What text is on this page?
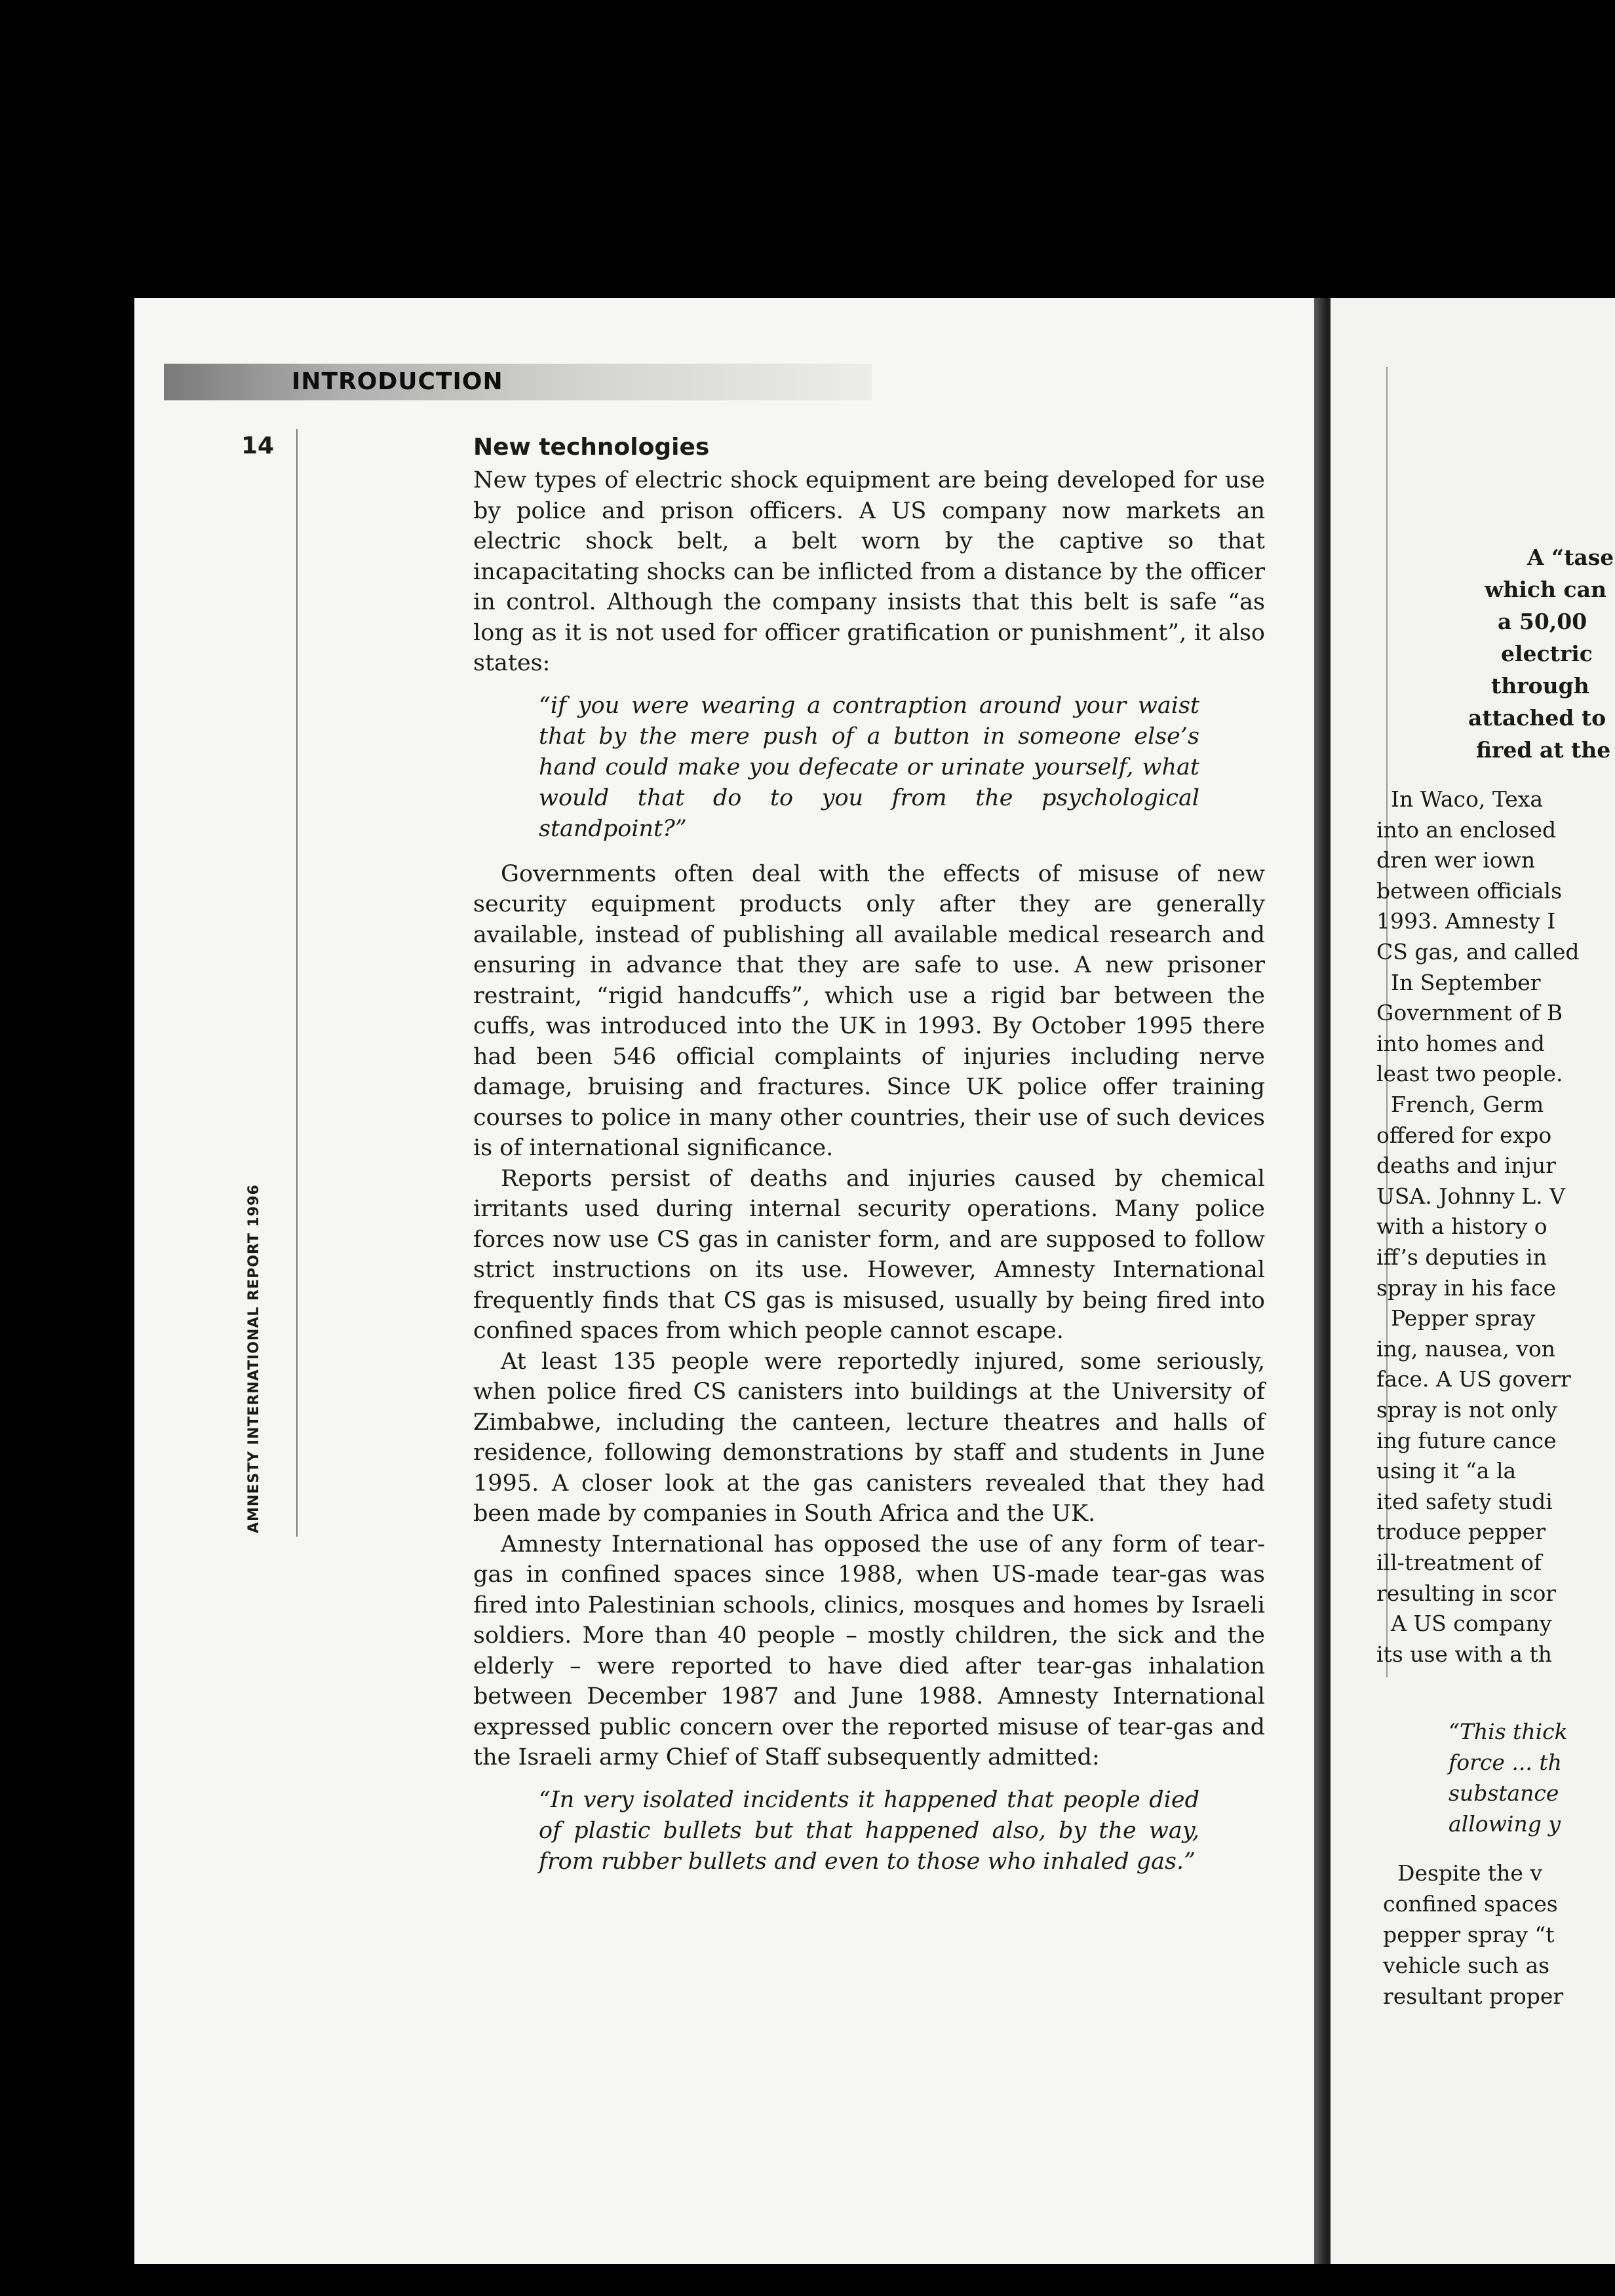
INTRODUCTION
14
AMNESTY INTERNATIONAL REPORT 1996
New technologies

New types of electric shock equipment are being developed for use by police and prison officers. A US company now markets an electric shock belt, a belt worn by the captive so that incapacitating shocks can be inflicted from a distance by the officer in control. Although the company insists that this belt is safe “as long as it is not used for officer gratification or punishment”, it also states:

“if you were wearing a contraption around your waist that by the mere push of a button in someone else’s hand could make you defecate or urinate yourself, what would that do to you from the psychological standpoint?”

Governments often deal with the effects of misuse of new security equipment products only after they are generally available, instead of publishing all available medical research and ensuring in advance that they are safe to use. A new prisoner restraint, “rigid handcuffs”, which use a rigid bar between the cuffs, was introduced into the UK in 1993. By October 1995 there had been 546 official complaints of injuries including nerve damage, bruising and fractures. Since UK police offer training courses to police in many other countries, their use of such devices is of international significance.

Reports persist of deaths and injuries caused by chemical irritants used during internal security operations. Many police forces now use CS gas in canister form, and are supposed to follow strict instructions on its use. However, Amnesty International frequently finds that CS gas is misused, usually by being fired into confined spaces from which people cannot escape.

At least 135 people were reportedly injured, some seriously, when police fired CS canisters into buildings at the University of Zimbabwe, including the canteen, lecture theatres and halls of residence, following demonstrations by staff and students in June 1995. A closer look at the gas canisters revealed that they had been made by companies in South Africa and the UK.

Amnesty International has opposed the use of any form of tear-gas in confined spaces since 1988, when US-made tear-gas was fired into Palestinian schools, clinics, mosques and homes by Israeli soldiers. More than 40 people – mostly children, the sick and the elderly – were reported to have died after tear-gas inhalation between December 1987 and June 1988. Amnesty International expressed public concern over the reported misuse of tear-gas and the Israeli army Chief of Staff subsequently admitted:

“In very isolated incidents it happened that people died of plastic bullets but that happened also, by the way, from rubber bullets and even to those who inhaled gas.”

A “tase
which can
a 50,00
electric
through
attached to
fired at the
In Waco, Texa
into an enclosed
dren wer iown
between officials
1993. Amnesty I
CS gas, and called
In September
Government of B
into homes and
least two people.
French, Germ
offered for expo
deaths and injur
USA. Johnny L. V
with a history o
iff’s deputies in
spray in his face
Pepper spray
ing, nausea, von
face. A US goverr
spray is not only
ing future cance
using it “a la
ited safety studi
troduce pepper
ill-treatment of
resulting in scor
A US company
its use with a th
“This thick
force ... th
substance
allowing y
Despite the v
confined spaces
pepper spray “t
vehicle such as
resultant proper
